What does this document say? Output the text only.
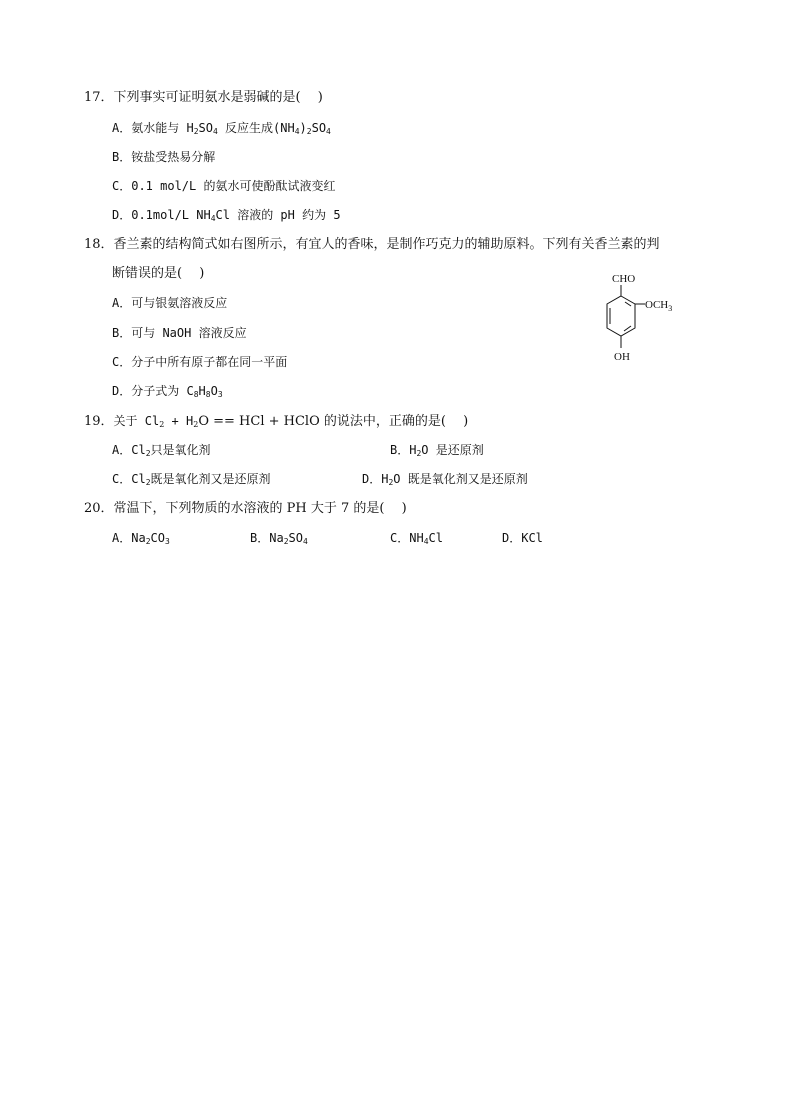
17．下列事实可证明氨水是弱碱的是(　 )
A．氨水能与 $H_2SO_4$ 反应生成$(NH_4)_2SO_4$
B．铵盐受热易分解
C．0.1 mol/L 的氨水可使酚酞试液变红
D．0.1mol/L $NH_4Cl$ 溶液的 pH 约为 5
18．香兰素的结构简式如右图所示，有宜人的香味，是制作巧克力的辅助原料。下列有关香兰素的判
断错误的是(　 )
A．可与银氨溶液反应
B．可与 NaOH 溶液反应
C．分子中所有原子都在同一平面
D．分子式为 $C_8H_8O_3$
CHO
$OCH_3$
OH
19．关于 $Cl_2 + H_2O$ == HCl + HClO 的说法中，正确的是(　 )
A．$Cl_2$只是氧化剂	B．$H_2O$ 是还原剂
C．$Cl_2$既是氧化剂又是还原剂	D．$H_2O$ 既是氧化剂又是还原剂
20．常温下，下列物质的水溶液的 PH 大于 7 的是(　 )
A．$Na_2CO_3$	B．$Na_2SO_4$	C．$NH_4Cl$	D．KCl
